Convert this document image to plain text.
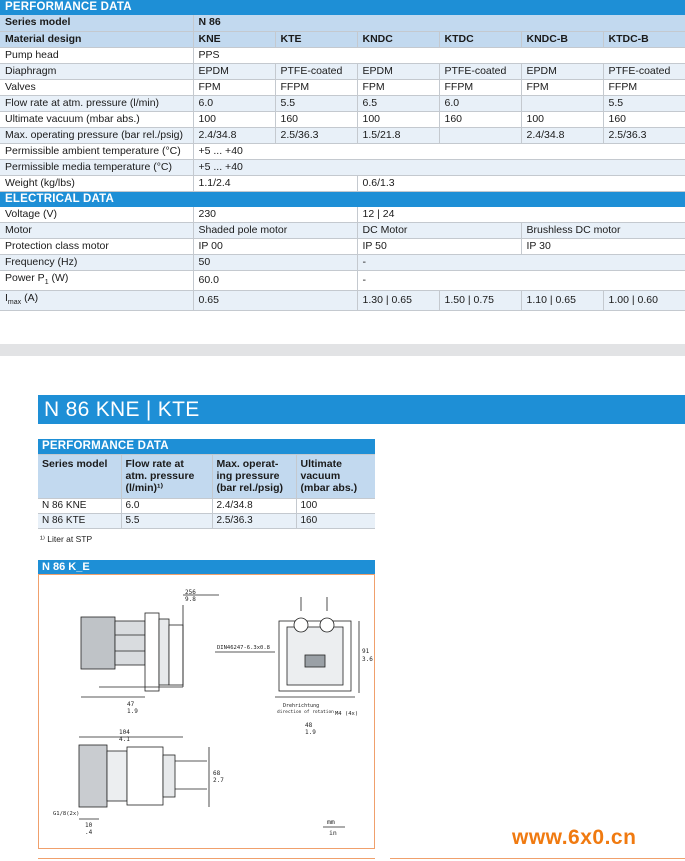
PERFORMANCE DATA						
Series model	N 86					
Material design	KNE	KTE	KNDC	KTDC	KNDC-B	KTDC-B
Pump head	PPS					
Diaphragm	EPDM	PTFE-coated	EPDM	PTFE-coated	EPDM	PTFE-coated
Valves	FPM	FFPM	FPM	FFPM	FPM	FFPM
Flow rate at atm. pressure (l/min)	6.0	5.5	6.5	6.0		5.5
Ultimate vacuum (mbar abs.)	100	160	100	160	100	160
Max. operating pressure (bar rel./psig)	2.4/34.8	2.5/36.3	1.5/21.8		2.4/34.8	2.5/36.3
Permissible ambient temperature (°C)	+5 ... +40					
Permissible media temperature (°C)	+5 ... +40					
Weight (kg/lbs)	1.1/2.4		0.6/1.3			
ELECTRICAL DATA						
Voltage (V)	230		12 | 24			
Motor	Shaded pole motor		DC Motor		Brushless DC motor	
Protection class motor	IP 00		IP 50		IP 30	
Frequency (Hz)	50		-			
Power $P_1$ (W)	60.0		-			
$I_{max}$ (A)	0.65		1.30 | 0.65	1.50 | 0.75	1.10 | 0.65	1.00 | 0.60
N 86 KNE | KTE
PERFORMANCE DATA			
Series model	Flow rate at atm. pressure (l/min)¹⁾	Max. operat-ing pressure (bar rel./psig)	Ultimate vacuum (mbar abs.)
N 86 KNE	6.0	2.4/34.8	100
N 86 KTE	5.5	2.5/36.3	160
¹⁾ Liter at STP
N 86 K_E
256
9.8
47
1.9
DIN46247-6.3x0.8	91
3.6
Drehrichtung
direction of rotation M4 (4x)
48
1.9
104
4.1
68
2.7
10
.4
G1/8(2x)
mm
in	www.6x0.cn
